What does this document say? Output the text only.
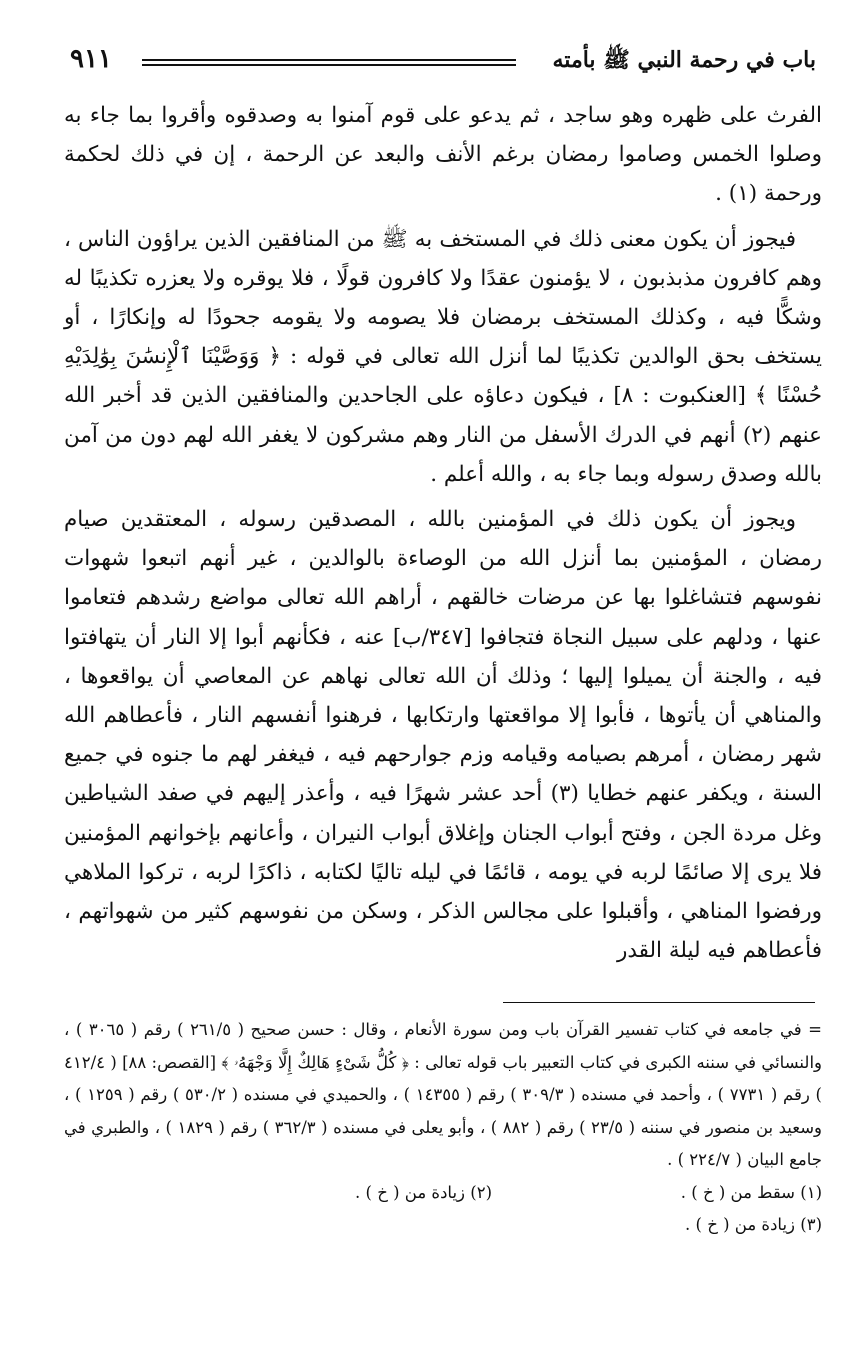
٩١١	باب في رحمة النبي ﷺ بأمته

الفرث على ظهره وهو ساجد ، ثم يدعو على قوم آمنوا به وصدقوه وأقروا بما جاء به وصلوا الخمس وصاموا رمضان برغم الأنف والبعد عن الرحمة ، إن في ذلك لحكمة ورحمة (١) .

فيجوز أن يكون معنى ذلك في المستخف به ﷺ من المنافقين الذين يراؤون الناس ، وهم كافرون مذبذبون ، لا يؤمنون عقدًا ولا كافرون قولًا ، فلا يوقره ولا يعزره تكذيبًا له وشكًّا فيه ، وكذلك المستخف برمضان فلا يصومه ولا يقومه جحودًا له وإنكارًا ، أو يستخف بحق الوالدين تكذيبًا لما أنزل الله تعالى في قوله : ﴿ وَوَصَّيْنَا ٱلْإِنسَٰنَ بِوَٰلِدَيْهِ حُسْنًا ﴾ [العنكبوت : ٨] ، فيكون دعاؤه على الجاحدين والمنافقين الذين قد أخبر الله عنهم (٢) أنهم في الدرك الأسفل من النار وهم مشركون لا يغفر الله لهم دون من آمن بالله وصدق رسوله وبما جاء به ، والله أعلم .

ويجوز أن يكون ذلك في المؤمنين بالله ، المصدقين رسوله ، المعتقدين صيام رمضان ، المؤمنين بما أنزل الله من الوصاءة بالوالدين ، غير أنهم اتبعوا شهوات نفوسهم فتشاغلوا بها عن مرضات خالقهم ، أراهم الله تعالى مواضع رشدهم فتعاموا عنها ، ودلهم على سبيل النجاة فتجافوا [٣٤٧/ب] عنه ، فكأنهم أبوا إلا النار أن يتهافتوا فيه ، والجنة أن يميلوا إليها ؛ وذلك أن الله تعالى نهاهم عن المعاصي أن يواقعوها ، والمناهي أن يأتوها ، فأبوا إلا مواقعتها وارتكابها ، فرهنوا أنفسهم النار ، فأعطاهم الله شهر رمضان ، أمرهم بصيامه وقيامه وزم جوارحهم فيه ، فيغفر لهم ما جنوه في جميع السنة ، ويكفر عنهم خطايا (٣) أحد عشر شهرًا فيه ، وأعذر إليهم في صفد الشياطين وغل مردة الجن ، وفتح أبواب الجنان وإغلاق أبواب النيران ، وأعانهم بإخوانهم المؤمنين فلا يرى إلا صائمًا لربه في يومه ، قائمًا في ليله تاليًا لكتابه ، ذاكرًا لربه ، تركوا الملاهي ورفضوا المناهي ، وأقبلوا على مجالس الذكر ، وسكن من نفوسهم كثير من شهواتهم ، فأعطاهم فيه ليلة القدر

= في جامعه في كتاب تفسير القرآن باب ومن سورة الأنعام ، وقال : حسن صحيح ( ٢٦١/٥ ) رقم ( ٣٠٦٥ ) ، والنسائي في سننه الكبرى في كتاب التعبير باب قوله تعالى : ﴿ كُلُّ شَىْءٍ هَالِكٌ إِلَّا وَجْهَهُۥ ﴾ [القصص: ٨٨] ( ٤١٢/٤ ) رقم ( ٧٧٣١ ) ، وأحمد في مسنده ( ٣٠٩/٣ ) رقم ( ١٤٣٥٥ ) ، والحميدي في مسنده ( ٥٣٠/٢ ) رقم ( ١٢٥٩ ) ، وسعيد بن منصور في سننه ( ٢٣/٥ ) رقم ( ٨٨٢ ) ، وأبو يعلى في مسنده ( ٣٦٢/٣ ) رقم ( ١٨٢٩ ) ، والطبري في جامع البيان ( ٢٢٤/٧ ) .

(١) سقط من ( خ ) .
(٢) زيادة من ( خ ) .

(٣) زيادة من ( خ ) .
